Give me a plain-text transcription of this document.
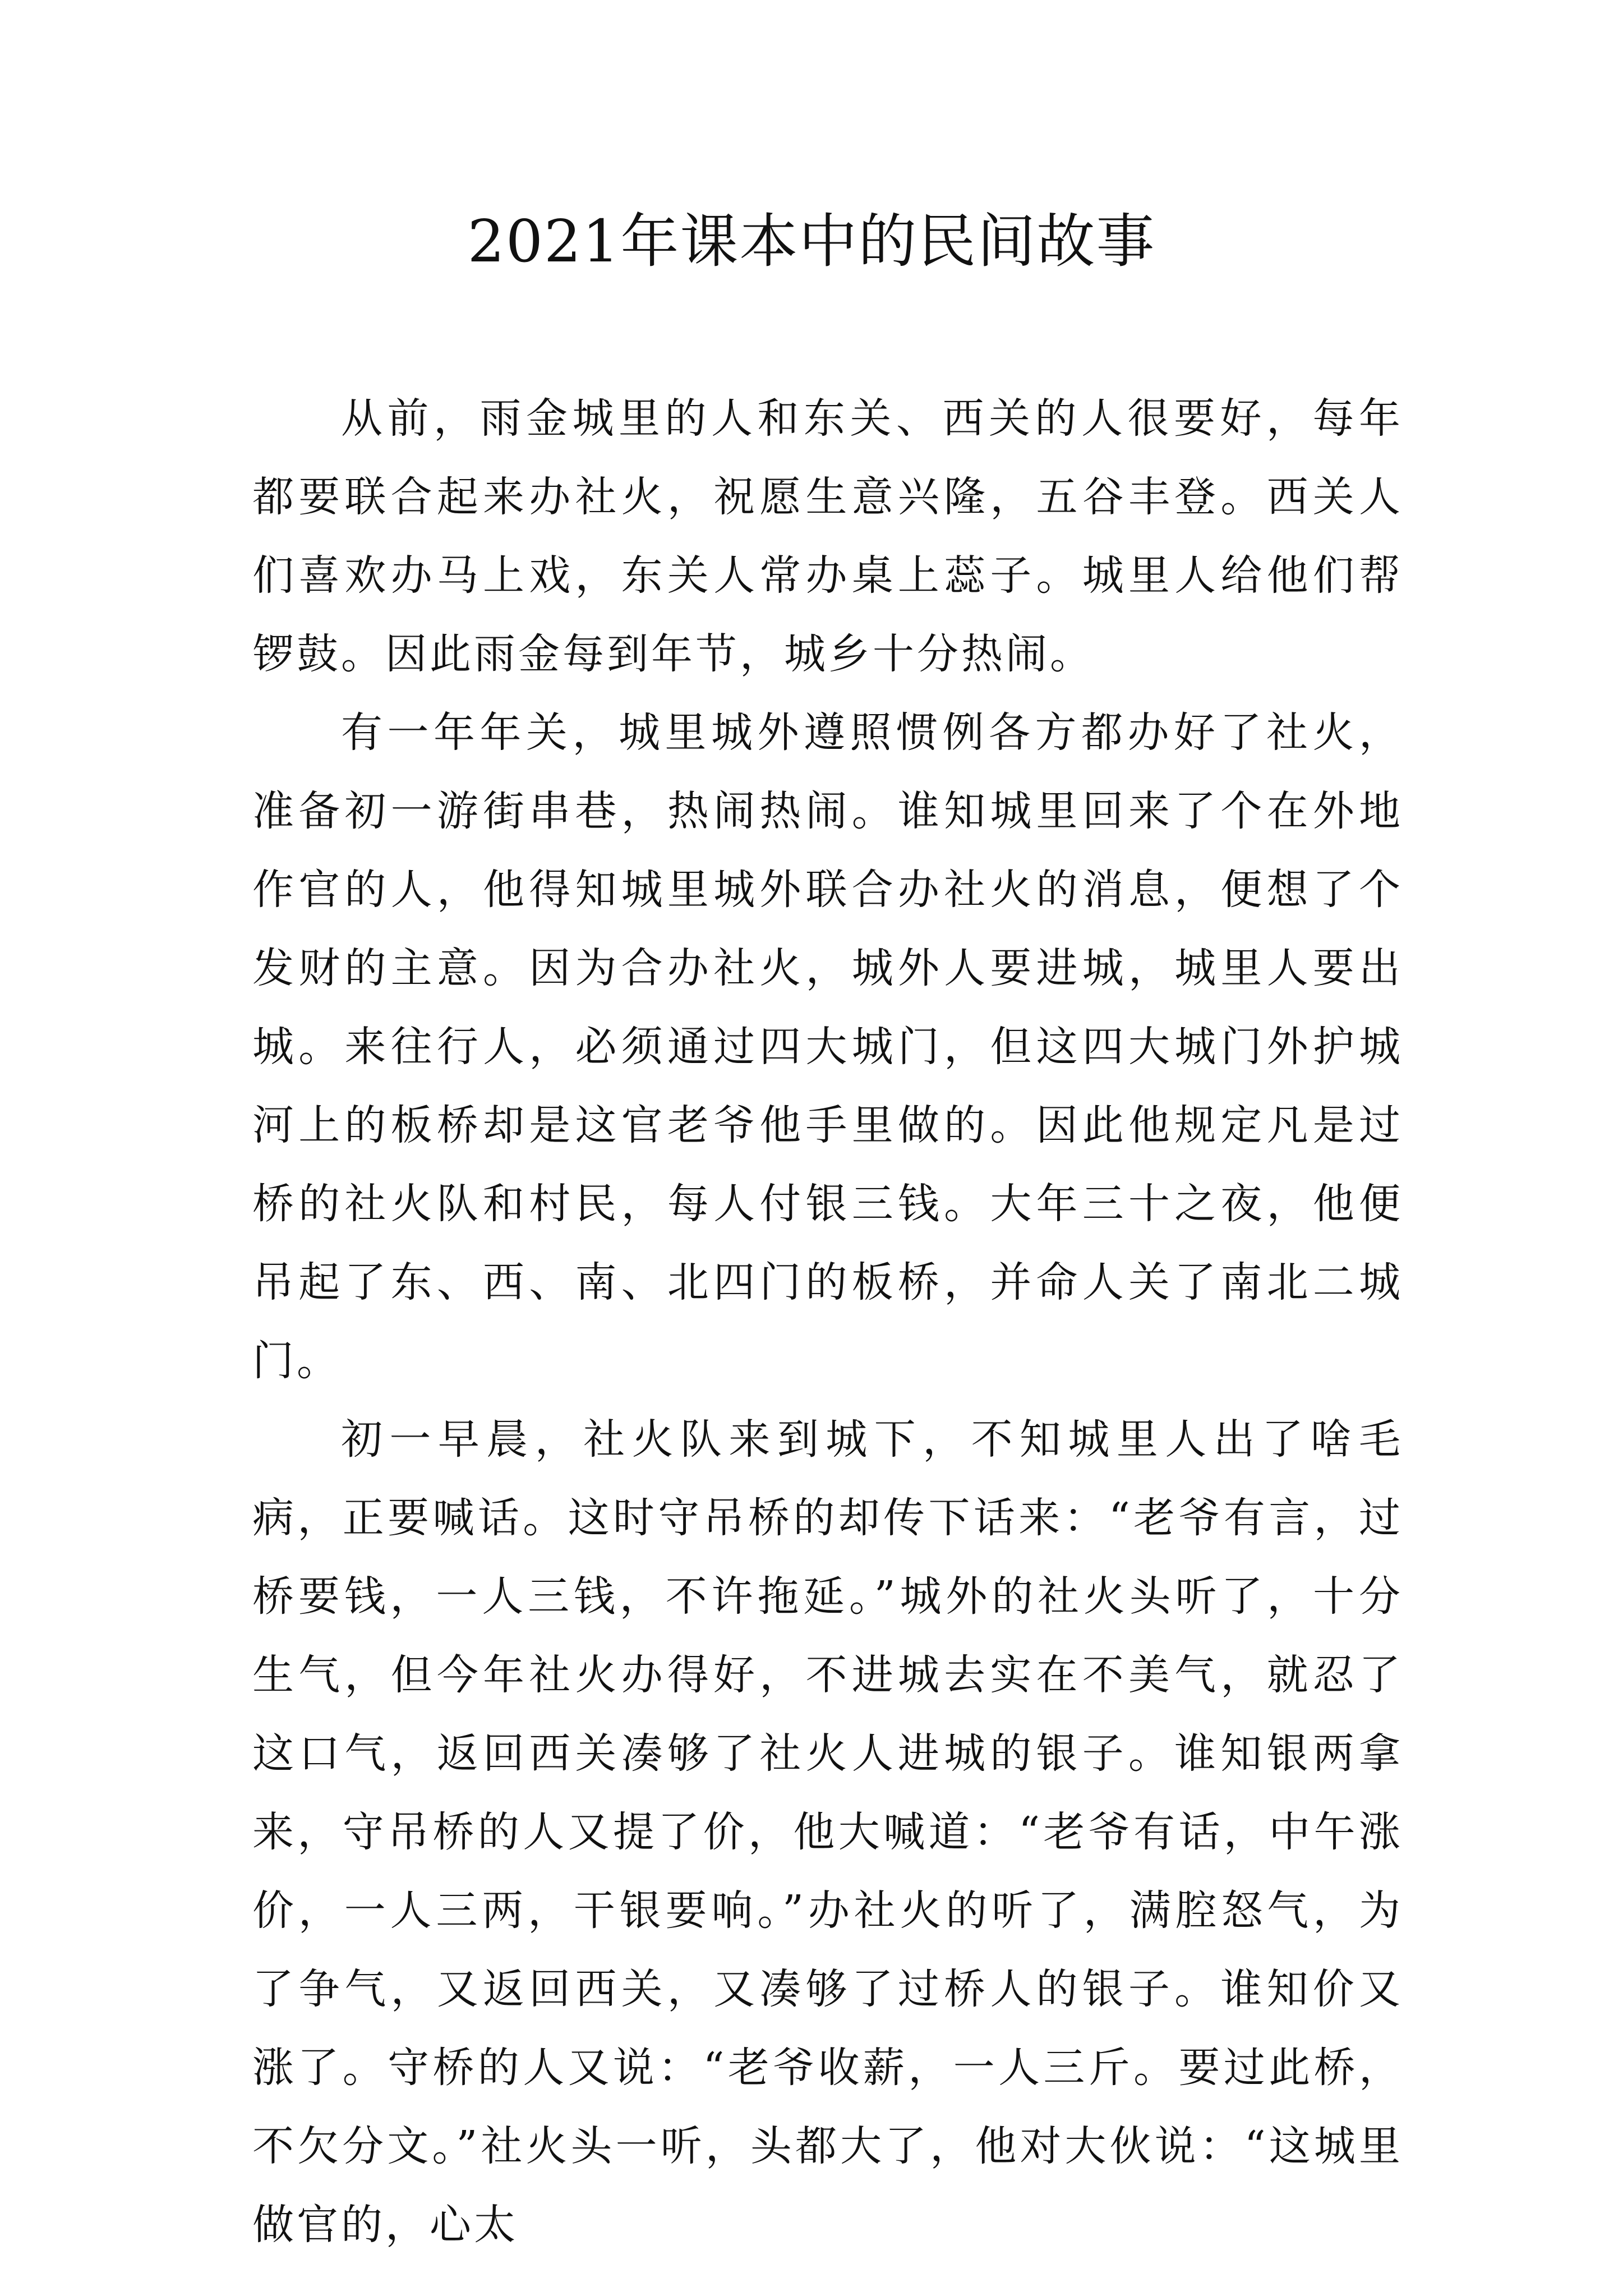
2021年课本中的民间故事

从前，雨金城里的人和东关、西关的人很要好，每年都要联合起来办社火，祝愿生意兴隆，五谷丰登。西关人们喜欢办马上戏，东关人常办桌上蕊子。城里人给他们帮锣鼓。因此雨金每到年节，城乡十分热闹。

有一年年关，城里城外遵照惯例各方都办好了社火，准备初一游街串巷，热闹热闹。谁知城里回来了个在外地作官的人，他得知城里城外联合办社火的消息，便想了个发财的主意。因为合办社火，城外人要进城，城里人要出城。来往行人，必须通过四大城门，但这四大城门外护城河上的板桥却是这官老爷他手里做的。因此他规定凡是过桥的社火队和村民，每人付银三钱。大年三十之夜，他便吊起了东、西、南、北四门的板桥，并命人关了南北二城门。

初一早晨，社火队来到城下，不知城里人出了啥毛病，正要喊话。这时守吊桥的却传下话来：“老爷有言，过桥要钱，一人三钱，不许拖延。”城外的社火头听了，十分生气，但今年社火办得好，不进城去实在不美气，就忍了这口气，返回西关凑够了社火人进城的银子。谁知银两拿来，守吊桥的人又提了价，他大喊道：“老爷有话，中午涨价，一人三两，干银要响。”办社火的听了，满腔怒气，为了争气，又返回西关，又凑够了过桥人的银子。谁知价又涨了。守桥的人又说：“老爷收薪，一人三斤。要过此桥，不欠分文。”社火头一听，头都大了，他对大伙说：“这城里做官的，心太
